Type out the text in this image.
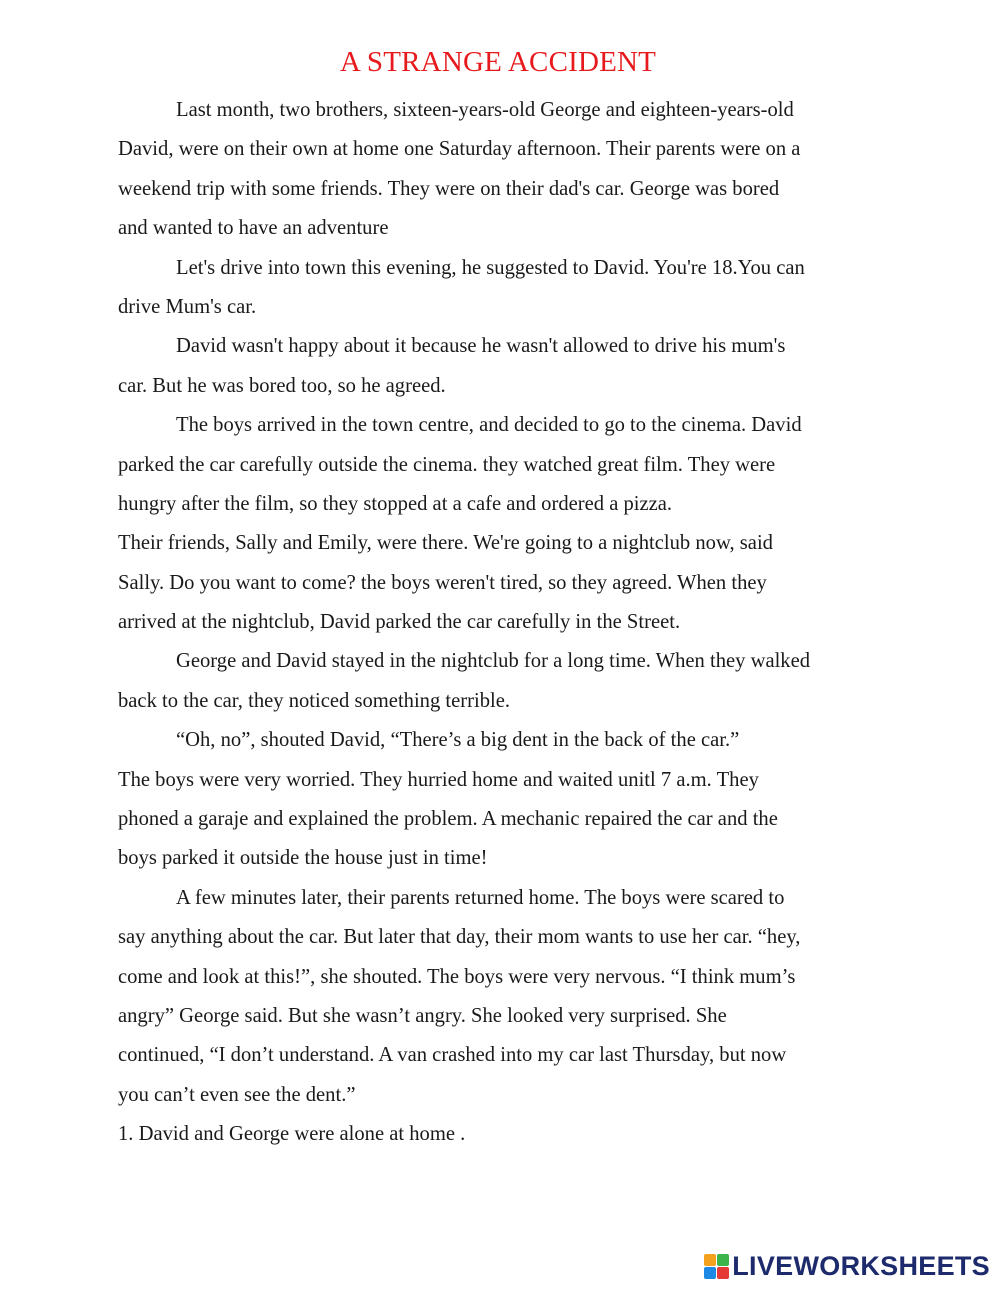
A STRANGE ACCIDENT
Last month, two brothers, sixteen-years-old George and eighteen-years-old
David, were on their own at home one Saturday afternoon. Their parents were on a
weekend trip with some friends. They were on their dad's car. George was bored
and wanted to have an adventure
Let's drive into town this evening, he suggested to David. You're 18.You can
drive Mum's car.
David wasn't happy about it because he wasn't allowed to drive his mum's
car. But he was bored too, so he agreed.
The boys arrived in the town centre, and decided to go to the cinema. David
parked the car carefully outside the cinema. they watched great film. They were
hungry after the film, so they stopped at a cafe and ordered a pizza.
Their friends, Sally and Emily, were there. We're going to a nightclub now, said
Sally. Do you want to come? the boys weren't tired, so they agreed. When they
arrived at the nightclub, David parked the car carefully in the Street.
George and David stayed in the nightclub for a long time. When they walked
back to the car, they noticed something terrible.
“Oh, no”, shouted David, “There’s a big dent in the back of the car.”
The boys were very worried. They hurried home and waited unitl 7 a.m. They
phoned a garaje and explained the problem. A mechanic repaired the car and the
boys parked it outside the house just in time!
A few minutes later, their parents returned home. The boys were scared to
say anything about the car. But later that day, their mom wants to use her car. “hey,
come and look at this!”, she shouted. The boys were very nervous. “I think mum’s
angry” George said. But she wasn’t angry. She looked very surprised. She
continued, “I don’t understand. A van crashed into my car last Thursday, but now
you can’t even see the dent.”
1. David and George were alone at home .
LIVEWORKSHEETS
